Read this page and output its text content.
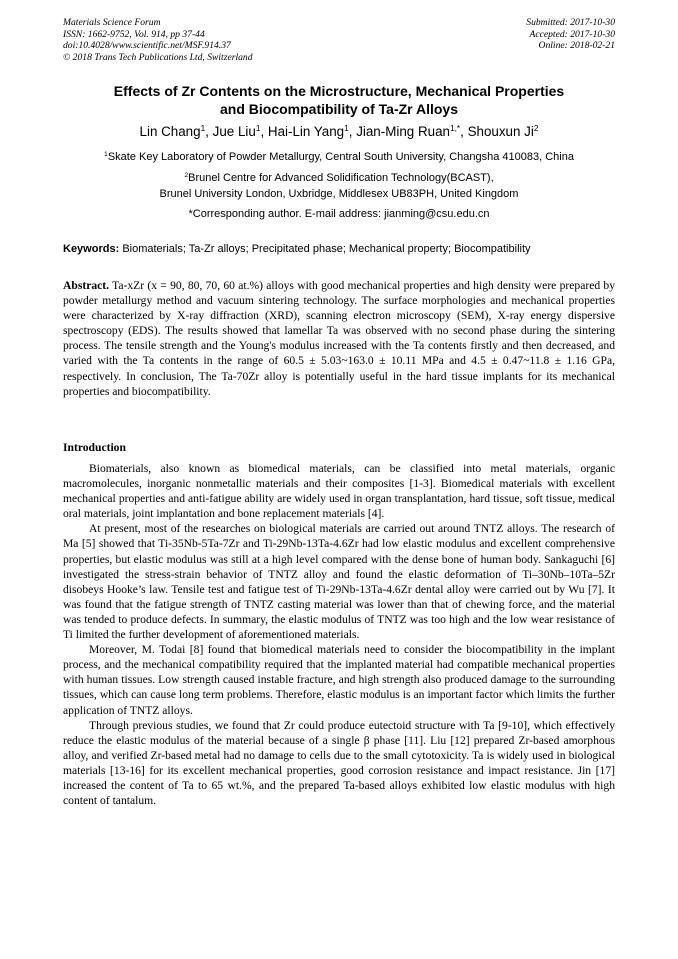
Materials Science Forum
ISSN: 1662-9752, Vol. 914, pp 37-44
doi:10.4028/www.scientific.net/MSF.914.37
© 2018 Trans Tech Publications Ltd, Switzerland
Submitted: 2017-10-30
Accepted: 2017-10-30
Online: 2018-02-21
Effects of Zr Contents on the Microstructure, Mechanical Properties
and Biocompatibility of Ta-Zr Alloys
Lin Chang$^1$, Jue Liu$^1$, Hai-Lin Yang$^1$, Jian-Ming Ruan$^{1,*}$, Shouxun Ji$^2$
$^1$Skate Key Laboratory of Powder Metallurgy, Central South University, Changsha 410083, China
$^2$Brunel Centre for Advanced Solidification Technology(BCAST),
Brunel University London, Uxbridge, Middlesex UB83PH, United Kingdom
*Corresponding author. E-mail address: jianming@csu.edu.cn
Keywords: Biomaterials; Ta-Zr alloys; Precipitated phase; Mechanical property; Biocompatibility
Abstract. Ta-xZr (x = 90, 80, 70, 60 at.%) alloys with good mechanical properties and high density were prepared by powder metallurgy method and vacuum sintering technology. The surface morphologies and mechanical properties were characterized by X-ray diffraction (XRD), scanning electron microscopy (SEM), X-ray energy dispersive spectroscopy (EDS). The results showed that lamellar Ta was observed with no second phase during the sintering process. The tensile strength and the Young's modulus increased with the Ta contents firstly and then decreased, and varied with the Ta contents in the range of 60.5 ± 5.03~163.0 ± 10.11 MPa and 4.5 ± 0.47~11.8 ± 1.16 GPa, respectively. In conclusion, The Ta-70Zr alloy is potentially useful in the hard tissue implants for its mechanical properties and biocompatibility.
Introduction

Biomaterials, also known as biomedical materials, can be classified into metal materials, organic macromolecules, inorganic nonmetallic materials and their composites [1-3]. Biomedical materials with excellent mechanical properties and anti-fatigue ability are widely used in organ transplantation, hard tissue, soft tissue, medical oral materials, joint implantation and bone replacement materials [4].

At present, most of the researches on biological materials are carried out around TNTZ alloys. The research of Ma [5] showed that Ti-35Nb-5Ta-7Zr and Ti-29Nb-13Ta-4.6Zr had low elastic modulus and excellent comprehensive properties, but elastic modulus was still at a high level compared with the dense bone of human body. Sankaguchi [6] investigated the stress-strain behavior of TNTZ alloy and found the elastic deformation of Ti–30Nb–10Ta–5Zr disobeys Hooke’s law. Tensile test and fatigue test of Ti-29Nb-13Ta-4.6Zr dental alloy were carried out by Wu [7]. It was found that the fatigue strength of TNTZ casting material was lower than that of chewing force, and the material was tended to produce defects. In summary, the elastic modulus of TNTZ was too high and the low wear resistance of Ti limited the further development of aforementioned materials.

Moreover, M. Todai [8] found that biomedical materials need to consider the biocompatibility in the implant process, and the mechanical compatibility required that the implanted material had compatible mechanical properties with human tissues. Low strength caused instable fracture, and high strength also produced damage to the surrounding tissues, which can cause long term problems. Therefore, elastic modulus is an important factor which limits the further application of TNTZ alloys.

Through previous studies, we found that Zr could produce eutectoid structure with Ta [9-10], which effectively reduce the elastic modulus of the material because of a single β phase [11]. Liu [12] prepared Zr-based amorphous alloy, and verified Zr-based metal had no damage to cells due to the small cytotoxicity. Ta is widely used in biological materials [13-16] for its excellent mechanical properties, good corrosion resistance and impact resistance. Jin [17] increased the content of Ta to 65 wt.%, and the prepared Ta-based alloys exhibited low elastic modulus with high content of tantalum.
